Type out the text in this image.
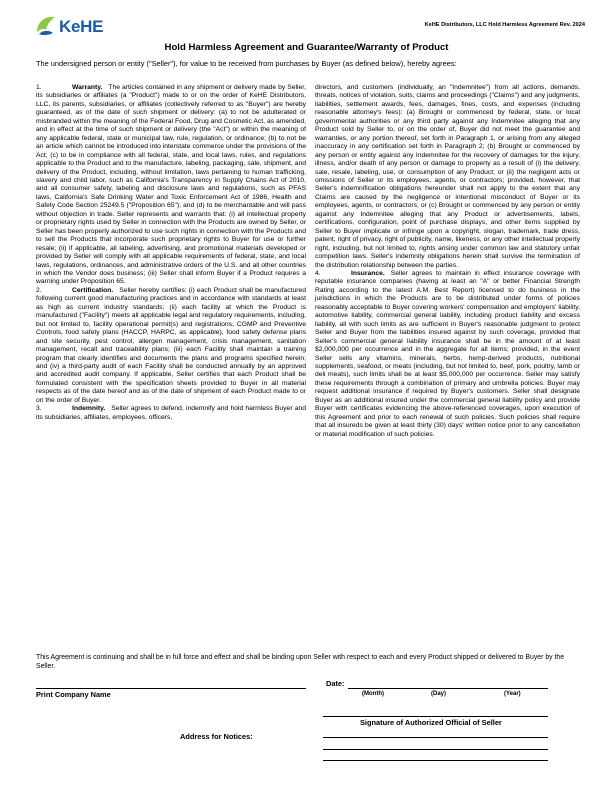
KeHE	KeHE Distributors, LLC Hold Harmless Agreement Rev. 2024
Hold Harmless Agreement and Guarantee/Warranty of Product
The undersigned person or entity ("Seller"), for value to be received from purchases by Buyer (as defined below), hereby agrees:

1.	Warranty. The articles contained in any shipment or delivery made by Seller, its subsidiaries or affiliates (a "Product") made to or on the order of KeHE Distributors, LLC, its parents, subsidiaries, or affiliates (collectively referred to as "Buyer") are hereby guaranteed, as of the date of such shipment or delivery: (a) to not be adulterated or misbranded within the meaning of the Federal Food, Drug and Cosmetic Act, as amended, and in effect at the time of such shipment or delivery (the "Act") or within the meaning of any applicable federal, state or municipal law, rule, regulation, or ordinance; (b) to not be an article which cannot be introduced into interstate commerce under the provisions of the Act; (c) to be in compliance with all federal, state, and local laws, rules, and regulations applicable to the Product and to the manufacture, labeling, packaging, sale, shipment, and delivery of the Product, including, without limitation, laws pertaining to human trafficking, slavery and child labor, such as California's Transparency in Supply Chains Act of 2010, and all consumer safety, labeling and disclosure laws and regulations, such as PFAS laws, California's Safe Drinking Water and Toxic Enforcement Act of 1986, Health and Safety Code Section 25249.5 ("Proposition 65"); and (d) to be merchantable and will pass without objection in trade. Seller represents and warrants that: (i) all intellectual property or proprietary rights used by Seller in connection with the Products are owned by Seller, or Seller has been properly authorized to use such rights in connection with the Products and to sell the Products that incorporate such proprietary rights to Buyer for use or further resale; (ii) if applicable, all labeling, advertising, and promotional materials developed or provided by Seller will comply with all applicable requirements of federal, state, and local laws, regulations, ordinances, and administrative orders of the U.S. and all other countries in which the Vendor does business; (iii) Seller shall inform Buyer if a Product requires a warning under Proposition 65.

2.	Certification. Seller hereby certifies: (i) each Product shall be manufactured following current good manufacturing practices and in accordance with standards at least as high as current industry standards; (ii) each facility at which the Product is manufactured ("Facility") meets all applicable legal and regulatory requirements, including, but not limited to, facility operational permit(s) and registrations, CGMP and Preventive Controls, food safety plans (HACCP, HARPC, as applicable), food safety defense plans and site security, pest control, allergen management, crisis management, sanitation management, recall and traceability plans; (iii) each Facility shall maintain a training program that clearly identifies and documents the plans and programs specified herein; and (iv) a third-party audit of each Facility shall be conducted annually by an approved and accredited audit company. If applicable, Seller certifies that each Product shall be formulated consistent with the specification sheets provided to Buyer in all material respects as of the date hereof and as of the date of shipment of each Product made to or on the order of Buyer.

3.	Indemnity. Seller agrees to defend, indemnify and hold harmless Buyer and its subsidiaries, affiliates, employees, officers,

directors, and customers (individually, an "Indemnitee") from all actions, demands, threats, notices of violation, suits, claims and proceedings ("Claims") and any judgments, liabilities, settlement awards, fees, damages, fines, costs, and expenses (including reasonable attorney's fees): (a) Brought or commenced by federal, state, or local governmental authorities or any third party against any Indemnitee alleging that any Product sold by Seller to, or on the order of, Buyer did not meet the guarantee and warranties, or any portion thereof, set forth in Paragraph 1, or arising from any alleged inaccuracy in any certification set forth in Paragraph 2; (b) Brought or commenced by any person or entity against any Indemnitee for the recovery of damages for the injury, illness, and/or death of any person or damage to property as a result of (i) the delivery, sale, resale, labeling, use, or consumption of any Product; or (ii) the negligent acts or omissions of Seller or its employees, agents, or contractors; provided, however, that Seller's indemnification obligations hereunder shall not apply to the extent that any Claims are caused by the negligence or intentional misconduct of Buyer or its employees, agents, or contractors; or (c) Brought or commenced by any person or entity against any Indemnitee alleging that any Product or advertisements, labels, certifications, configuration, point of purchase displays, and other items supplied by Seller to Buyer implicate or infringe upon a copyright, slogan, trademark, trade dress, patent, right of privacy, right of publicity, name, likeness, or any other intellectual property right, including, but not limited to, rights arising under common law and statutory unfair competition laws. Seller's indemnity obligations herein shall survive the termination of the distribution relationship between the parties.

4.	Insurance. Seller agrees to maintain in effect insurance coverage with reputable insurance companies (having at least an "A" or better Financial Strength Rating according to the latest A.M. Best Report) licensed to do business in the jurisdictions in which the Products are to be distributed under forms of policies reasonably acceptable to Buyer covering workers' compensation and employers' liability, automotive liability, commercial general liability, including product liability and excess liability, all with such limits as are sufficient in Buyer's reasonable judgment to protect Seller and Buyer from the liabilities insured against by such coverage, provided that Seller's commercial general liability insurance shall be in the amount of at least $2,000,000 per occurrence and in the aggregate for all items; provided, in the event Seller sells any vitamins, minerals, herbs, hemp-derived products, nutritional supplements, seafood, or meats (including, but not limited to, beef, pork, poultry, lamb or deli meats), such limits shall be at least $5,000,000 per occurrence. Seller may satisfy these requirements through a combination of primary and umbrella policies. Buyer may request additional insurance if required by Buyer's customers. Seller shall designate Buyer as an additional insured under the commercial general liability policy and provide Buyer with certificates evidencing the above-referenced coverages, upon execution of this Agreement and prior to each renewal of such policies. Such policies shall require that all insureds be given at least thirty (30) days' written notice prior to any cancellation or material modification of such policies.

This Agreement is continuing and shall be in full force and effect and shall be binding upon Seller with respect to each and every Product shipped or delivered to Buyer by the Seller.
Print Company Name
Date:
(Month)	(Day)	(Year)
Signature of Authorized Official of Seller
Address for Notices:
